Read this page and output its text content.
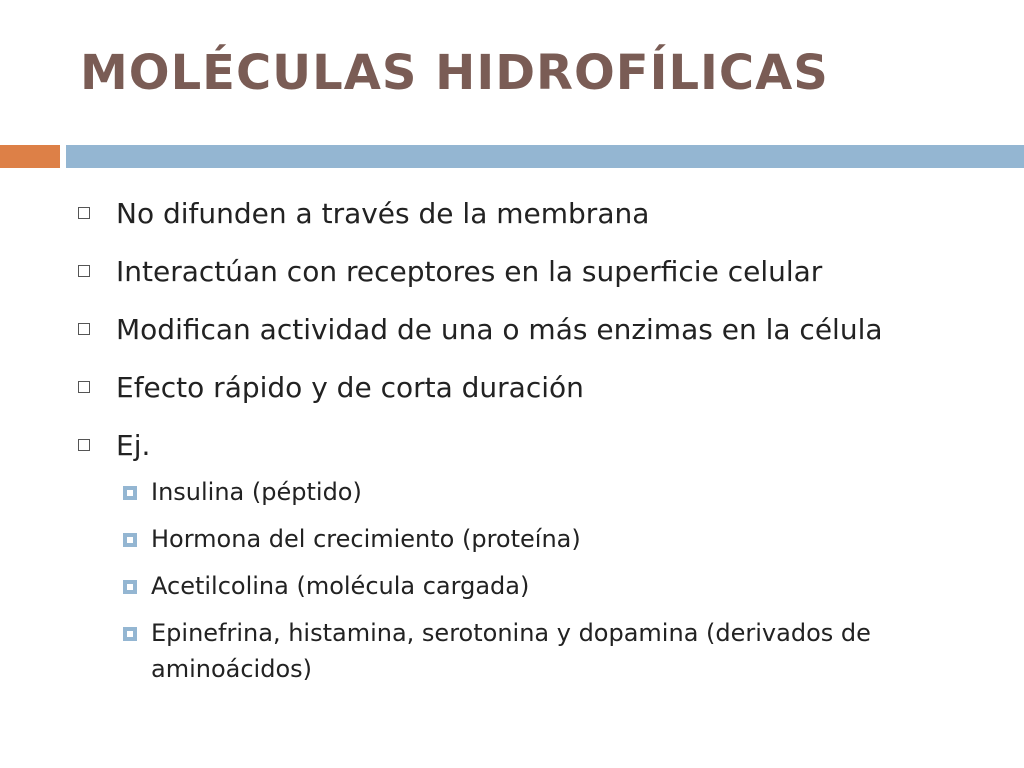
MOLÉCULAS HIDROFÍLICAS
No difunden a través de la membrana
Interactúan con receptores en la superficie celular
Modifican actividad de una o más enzimas en la célula
Efecto rápido y de corta duración
Ej.
Insulina (péptido)
Hormona del crecimiento (proteína)
Acetilcolina (molécula cargada)
Epinefrina, histamina, serotonina y dopamina (derivados de aminoácidos)
